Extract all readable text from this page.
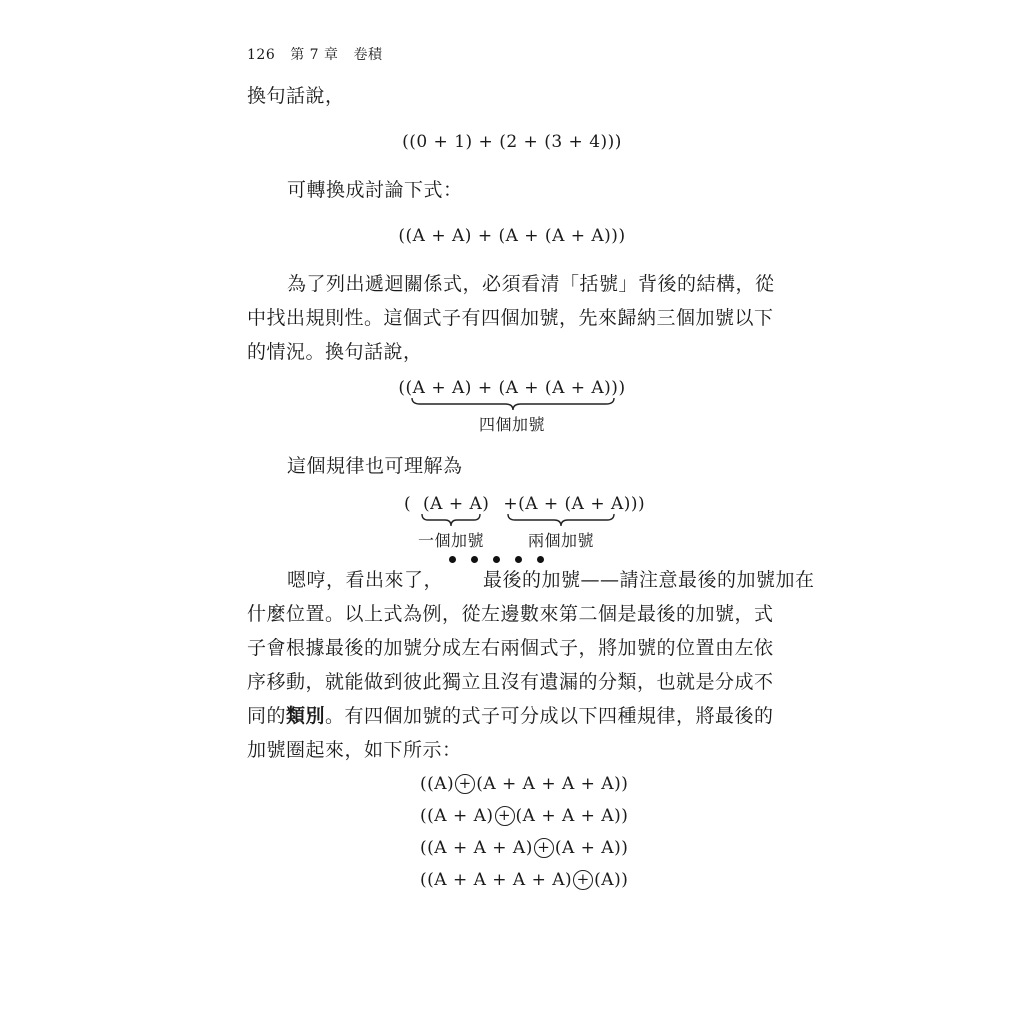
126 第 7 章 卷積
換句話說，
((0 + 1) + (2 + (3 + 4)))
可轉換成討論下式：
((A + A) + (A + (A + A)))
為了列出遞迴關係式，必須看清「括號」背後的結構，從
中找出規則性。這個式子有四個加號，先來歸納三個加號以下
的情況。換句話說，
((A + A) + (A + (A + A)))
四個加號
這個規律也可理解為
( (A + A) +(A + (A + A)))
一個加號	兩個加號
嗯哼，看出來了， 最後的加號——請注意最後的加號加在
什麼位置。以上式為例，從左邊數來第二個是最後的加號，式
子會根據最後的加號分成左右兩個式子，將加號的位置由左依
序移動，就能做到彼此獨立且沒有遺漏的分類，也就是分成不
同的類別。有四個加號的式子可分成以下四種規律，將最後的
加號圈起來，如下所示：
((A) + (A + A + A + A))
((A + A) + (A + A + A))
((A + A + A) + (A + A))
((A + A + A + A) + (A))
